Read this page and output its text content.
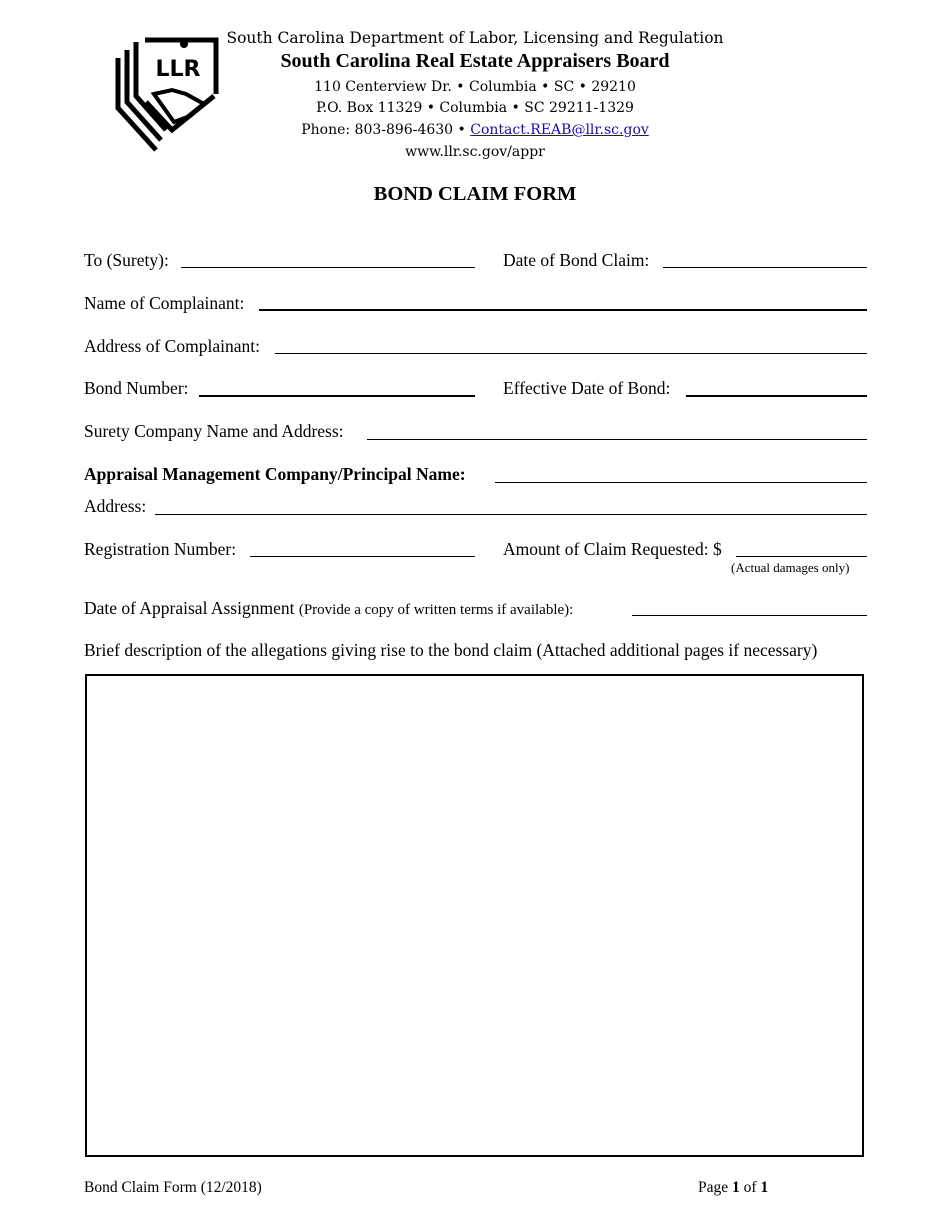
LLR
South Carolina Department of Labor, Licensing and Regulation
South Carolina Real Estate Appraisers Board
110 Centerview Dr. • Columbia • SC • 29210
P.O. Box 11329 • Columbia • SC 29211-1329
Phone: 803-896-4630 • Contact.REAB@llr.sc.gov
www.llr.sc.gov/appr
BOND CLAIM FORM
To (Surety):	Date of Bond Claim:
Name of Complainant:
Address of Complainant:
Bond Number:	Effective Date of Bond:
Surety Company Name and Address:
Appraisal Management Company/Principal Name:
Address:
Registration Number:	Amount of Claim Requested: $
(Actual damages only)
Date of Appraisal Assignment (Provide a copy of written terms if available):
Brief description of the allegations giving rise to the bond claim (Attached additional pages if necessary)
Bond Claim Form (12/2018)	Page 1 of 1
